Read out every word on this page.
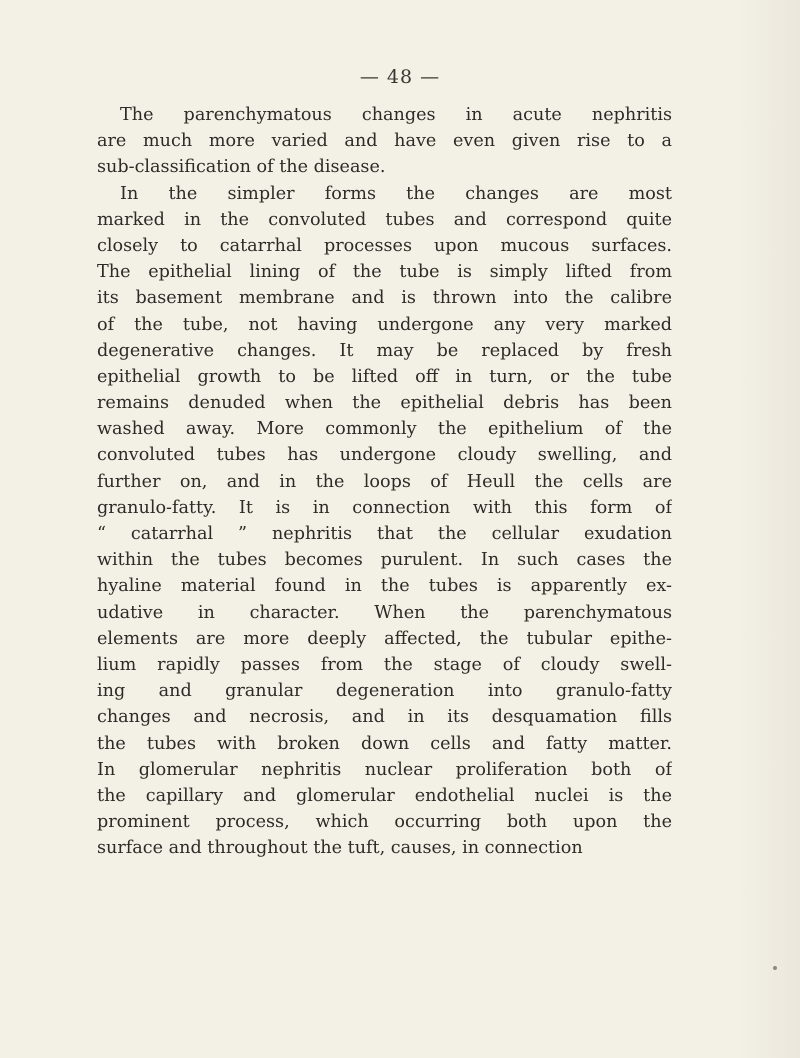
— 48 —
The parenchymatous changes in acute nephritis
are much more varied and have even given rise to a
sub-classification of the disease.
In the simpler forms the changes are most
marked in the convoluted tubes and correspond quite
closely to catarrhal processes upon mucous surfaces.
The epithelial lining of the tube is simply lifted from
its basement membrane and is thrown into the calibre
of the tube, not having undergone any very marked
degenerative changes. It may be replaced by fresh
epithelial growth to be lifted off in turn, or the tube
remains denuded when the epithelial debris has been
washed away. More commonly the epithelium of the
convoluted tubes has undergone cloudy swelling, and
further on, and in the loops of Heull the cells are
granulo-fatty. It is in connection with this form of
“ catarrhal ” nephritis that the cellular exudation
within the tubes becomes purulent. In such cases the
hyaline material found in the tubes is apparently ex-
udative in character. When the parenchymatous
elements are more deeply affected, the tubular epithe-
lium rapidly passes from the stage of cloudy swell-
ing and granular degeneration into granulo-fatty
changes and necrosis, and in its desquamation fills
the tubes with broken down cells and fatty matter.
In glomerular nephritis nuclear proliferation both of
the capillary and glomerular endothelial nuclei is the
prominent process, which occurring both upon the
surface and throughout the tuft, causes, in connection
